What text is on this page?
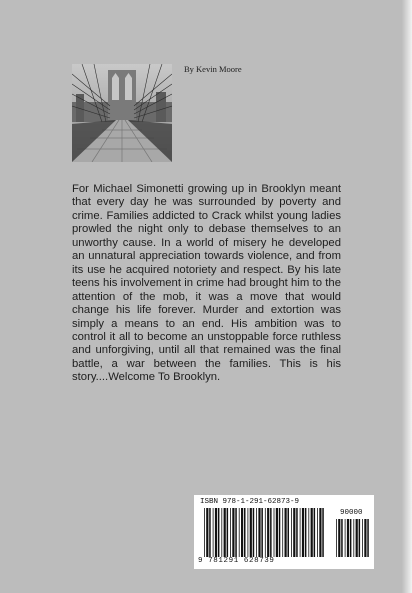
By Kevin Moore
For Michael Simonetti growing up in Brooklyn meant that every day he was surrounded by poverty and crime. Families addicted to Crack whilst young ladies prowled the night only to debase themselves to an unworthy cause. In a world of misery he developed an unnatural appreciation towards violence, and from its use he acquired notoriety and respect. By his late teens his involvement in crime had brought him to the attention of the mob, it was a move that would change his life forever. Murder and extortion was simply a means to an end. His ambition was to control it all to become an unstoppable force ruthless and unforgiving, until all that remained was the final battle, a war between the families. This is his story....Welcome To Brooklyn.
ISBN 978-1-291-62873-9
90000
9 781291 628739
